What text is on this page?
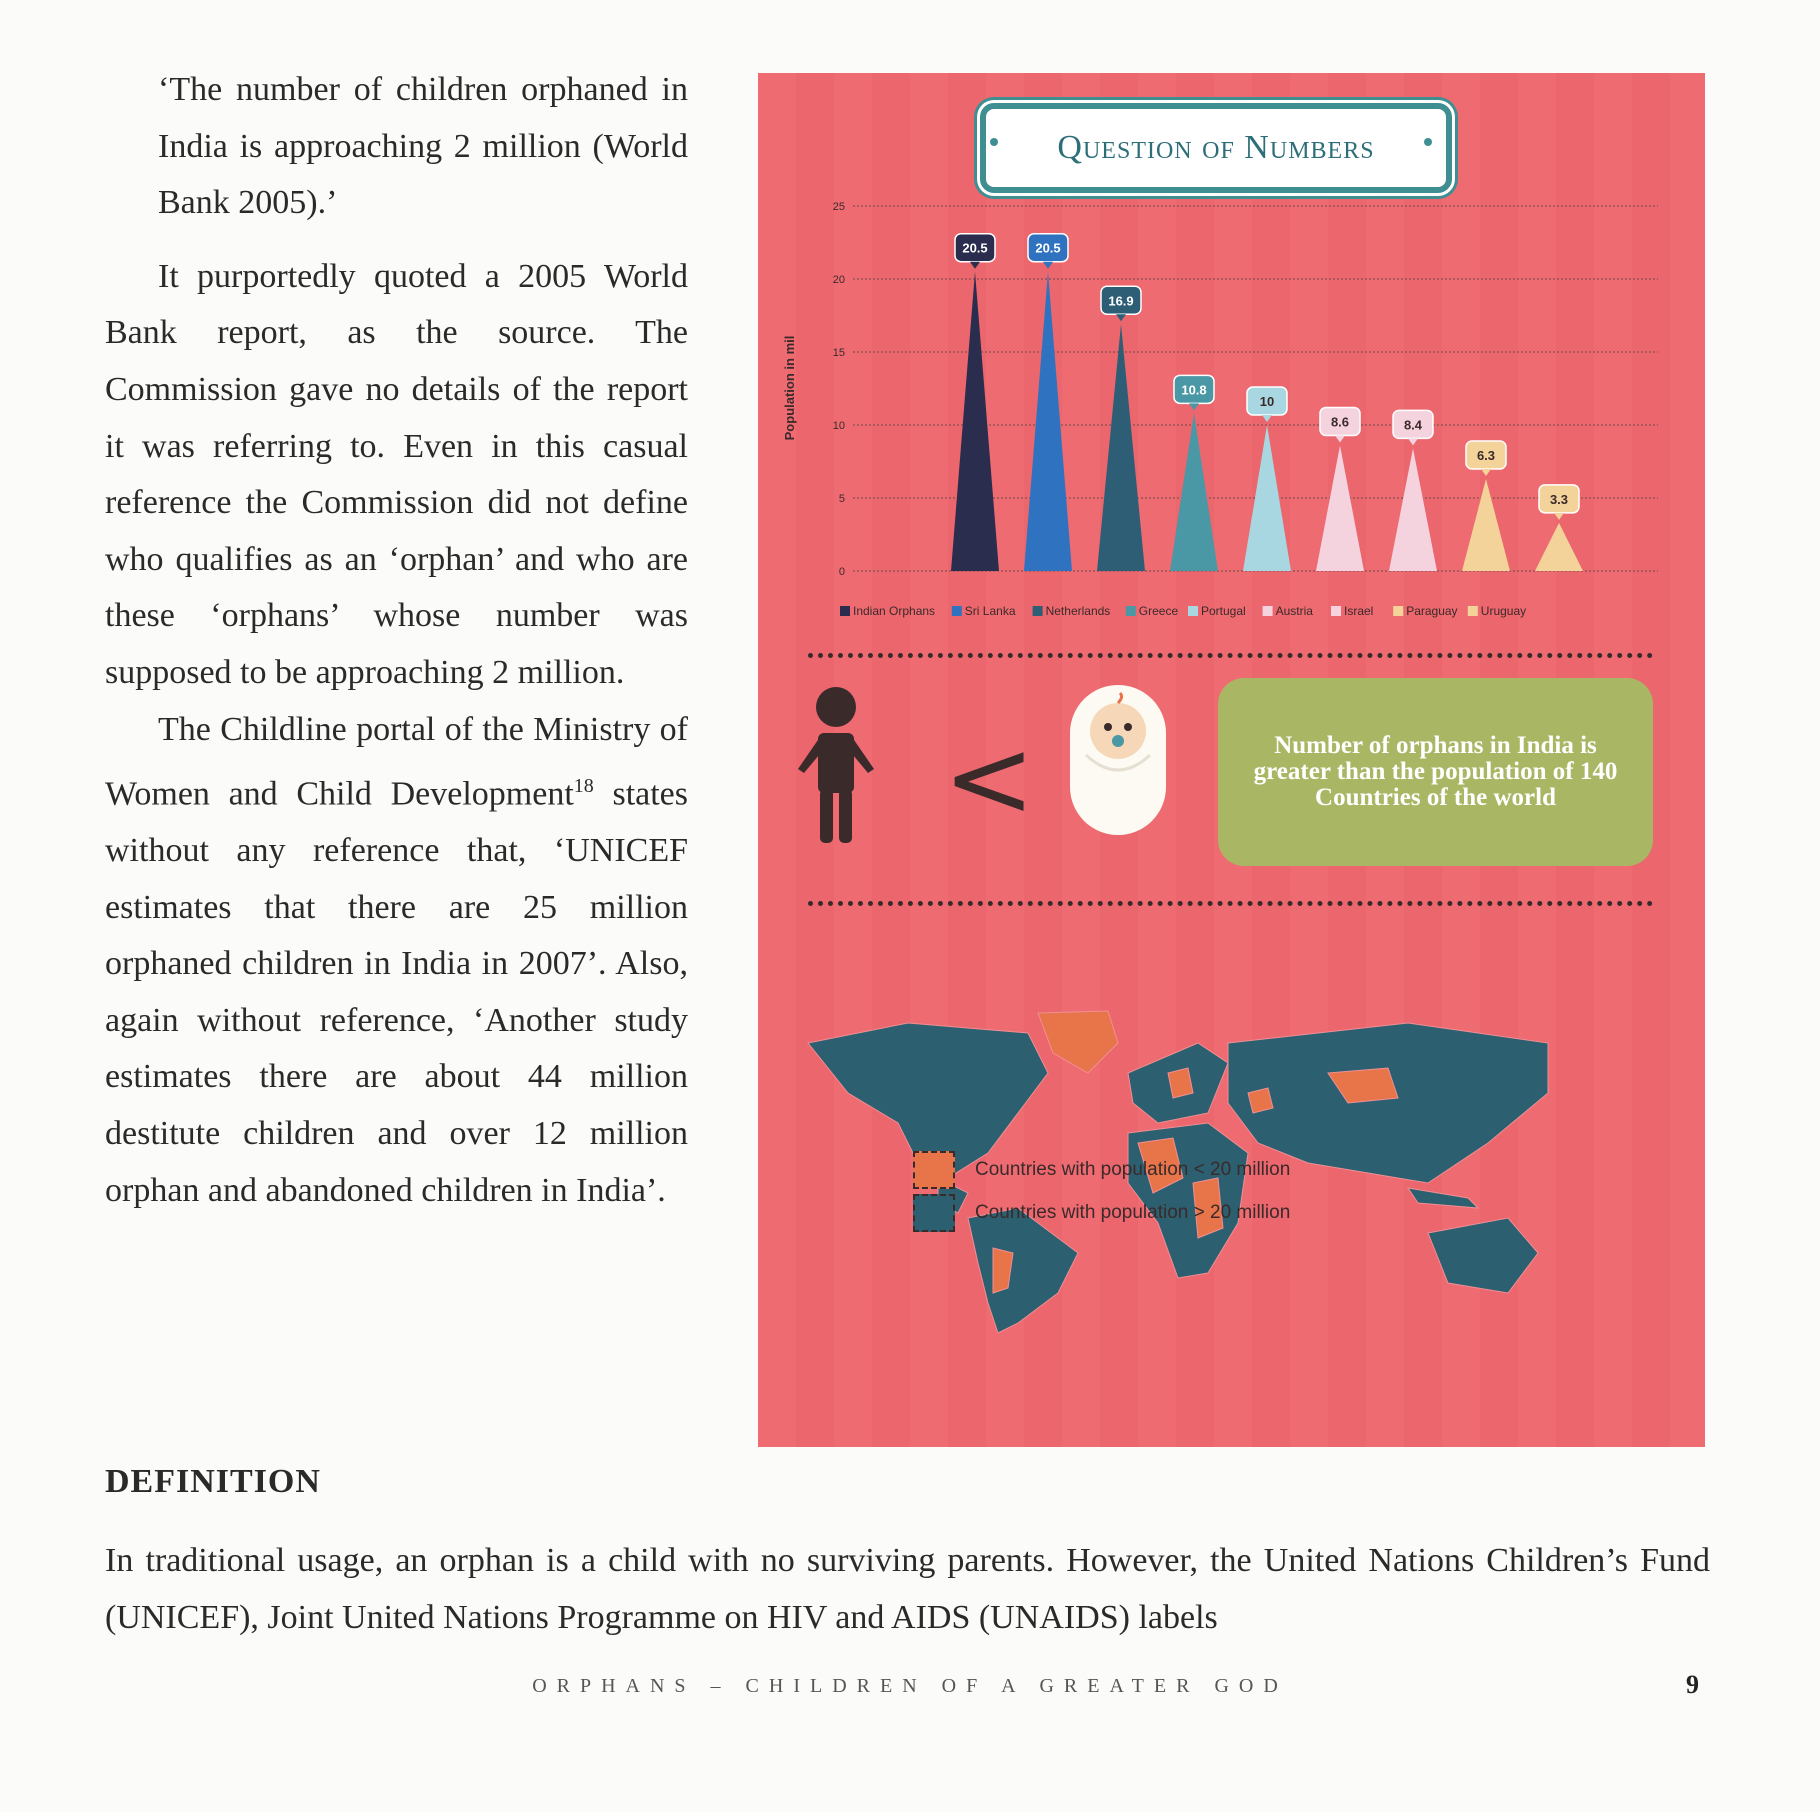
‘The number of children orphaned in India is approaching 2 million (World Bank 2005).’

It purportedly quoted a 2005 World Bank report, as the source. The Commission gave no details of the report it was referring to. Even in this casual reference the Commission did not define who qualifies as an ‘orphan’ and who are these ‘orphans’ whose number was supposed to be approaching 2 million.

The Childline portal of the Ministry of Women and Child Development$^{18}$ states without any reference that, ‘UNICEF estimates that there are 25 million orphaned children in India in 2007’. Also, again without reference, ‘Another study estimates there are about 44 million destitute children and over 12 million orphan and abandoned children in India’.

DEFINITION

In traditional usage, an orphan is a child with no surviving parents. However, the United Nations Children’s Fund (UNICEF), Joint United Nations Programme on HIV and AIDS (UNAIDS) labels

ORPHANS – CHILDREN OF A GREATER GOD	9
Question of Numbers
0
5
10
15
20
25
Population in mil
20.5	20.5
16.9
10.8
10
8.6	8.4
6.3
3.3
Indian Orphans Sri Lanka	Netherlands Greece Portugal Austria	Israel	Paraguay Uruguay
<	Number of orphans in India is greater than the population of 140 Countries of the world
Countries with population < 20 million
Countries with population > 20 million
